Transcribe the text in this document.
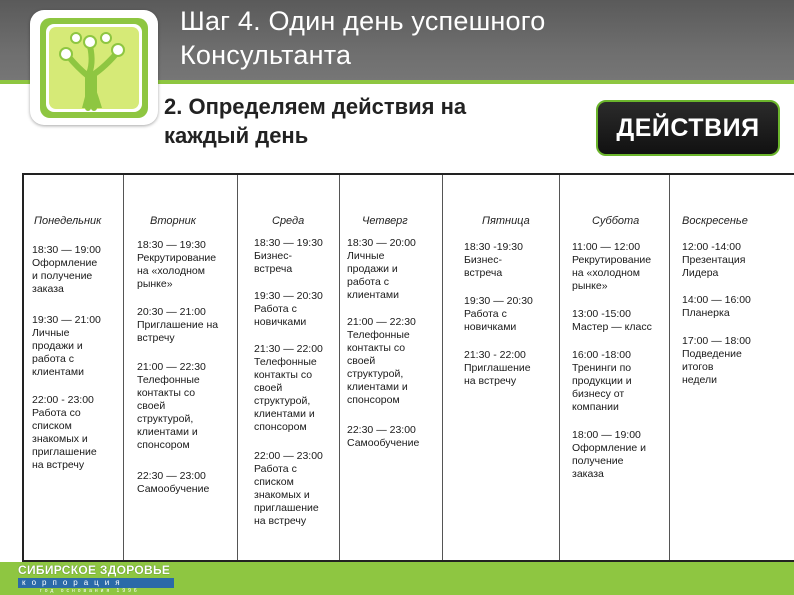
Шаг 4. Один день успешного
Консультанта
2. Определяем действия на
каждый день	ДЕЙСТВИЯ
Понедельник
18:30 — 19:00
Оформление
и получение
заказа
19:30 — 21:00
Личные
продажи и
работа с
клиентами
22:00 - 23:00
Работа со
списком
знакомых и
приглашение
на встречу
Вторник
18:30 — 19:30
Рекрутирование
на «холодном
рынке»
20:30 — 21:00
Приглашение на
встречу
21:00 — 22:30
Телефонные
контакты со
своей
структурой,
клиентами и
спонсором
22:30 — 23:00
Самообучение
Среда
18:30 — 19:30
Бизнес-
встреча
19:30 — 20:30
Работа с
новичками
21:30 — 22:00
Телефонные
контакты со
своей
структурой,
клиентами и
спонсором
22:00 — 23:00
Работа с
списком
знакомых и
приглашение
на встречу
Четверг
18:30 — 20:00
Личные
продажи и
работа с
клиентами
21:00 — 22:30
Телефонные
контакты со
своей
структурой,
клиентами и
спонсором
22:30 — 23:00
Самообучение
Пятница
18:30 -19:30
Бизнес-
встреча
19:30 — 20:30
Работа с
новичками
21:30 - 22:00
Приглашение
на встречу
Суббота
11:00 — 12:00
Рекрутирование
на «холодном
рынке»
13:00 -15:00
Мастер — класс
16:00 -18:00
Тренинги по
продукции и
бизнесу от
компании
18:00 — 19:00
Оформление и
получение
заказа
Воскресенье
12:00 -14:00
Презентация
Лидера
14:00 — 16:00
Планерка
17:00 — 18:00
Подведение
итогов
недели
СИБИРСКОЕ ЗДОРОВЬЕ
корпорация
год основания 1996
